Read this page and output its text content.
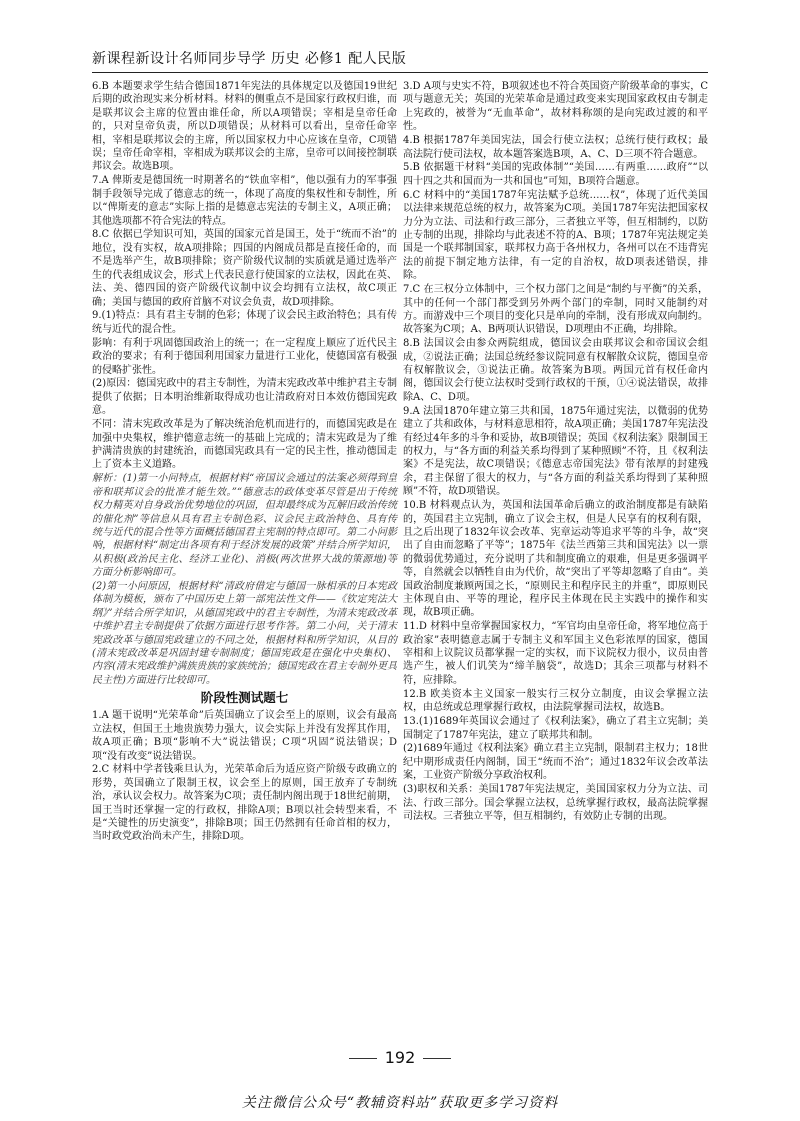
新课程新设计名师同步导学 历史 必修1 配人民版

6.B 本题要求学生结合德国1871年宪法的具体规定以及德国19世纪后期的政治现实来分析材料。材料的侧重点不是国家行政权归谁，而是联邦议会主席的位置由谁任命，所以A项错误；宰相是皇帝任命的，只对皇帝负责，所以D项错误；从材料可以看出，皇帝任命宰相，宰相是联邦议会的主席，所以国家权力中心应该在皇帝，C项错误；皇帝任命宰相，宰相成为联邦议会的主席，皇帝可以间接控制联邦议会。故选B项。

7.A 俾斯麦是德国统一时期著名的“铁血宰相”，他以强有力的军事强制手段领导完成了德意志的统一，体现了高度的集权性和专制性，所以“俾斯麦的意志”实际上指的是德意志宪法的专制主义，A项正确；其他选项都不符合宪法的特点。

8.C 依据已学知识可知，英国的国家元首是国王，处于“统而不治”的地位，没有实权，故A项排除；四国的内阁成员都是直接任命的，而不是选举产生，故B项排除；资产阶级代议制的实质就是通过选举产生的代表组成议会，形式上代表民意行使国家的立法权，因此在英、法、美、德四国的资产阶级代议制中议会均拥有立法权，故C项正确；美国与德国的政府首脑不对议会负责，故D项排除。

9.(1)特点：具有君主专制的色彩；体现了议会民主政治特色；具有传统与近代的混合性。

影响：有利于巩固德国政治上的统一；在一定程度上顺应了近代民主政治的要求；有利于德国利用国家力量进行工业化，使德国富有极强的侵略扩张性。

(2)原因：德国宪政中的君主专制性，为清末宪政改革中维护君主专制提供了依据；日本明治维新取得成功也让清政府对日本效仿德国宪政意。

不同：清末宪政改革是为了解决统治危机而进行的，而德国宪政是在加强中央集权，维护德意志统一的基础上完成的；清末宪政是为了维护满清贵族的封建统治，而德国宪政具有一定的民主性，推动德国走上了资本主义道路。

解析：(1)第一小问特点，根据材料“帝国议会通过的法案必须得到皇帝和联邦议会的批准才能生效。”“德意志的政体变革尽管是出于传统权力精英对自身政治优势地位的巩固，但却最终成为瓦解旧政治传统的催化剂”等信息从具有君主专制色彩、议会民主政治特色、具有传统与近代的混合性等方面概括德国君主宪制的特点即可。第二小问影响，根据材料“制定出各项有利于经济发展的政策”并结合所学知识，从积极(政治民主化、经济工业化)、消极(两次世界大战的策源地)等方面分析影响即可。

(2)第一小问原因，根据材料“清政府借定与德国一脉相承的日本宪政体制为模板，颁布了中国历史上第一部宪法性文件——《钦定宪法大纲》”并结合所学知识，从德国宪政中的君主专制性，为清末宪政改革中维护君主专制提供了依据方面进行思考作答。第二小问，关于清末宪政改革与德国宪政建立的不同之处，根据材料和所学知识，从目的(清末宪政改革是巩固封建专制制度；德国宪政是在强化中央集权)、内容(清末宪政维护满族贵族的家族统治；德国宪政在君主专制外更具民主性)方面进行比较即可。

阶段性测试题七

1.A 题干说明“光荣革命”后英国确立了议会至上的原则，议会有最高立法权，但国王土地贵族势力强大，议会实际上并没有发挥其作用，故A项正确；B项“影响不大”说法错误；C项“巩固”说法错误；D项“没有改变”说法错误。

2.C 材料中学者钱乘旦认为，光荣革命后为适应资产阶级专政确立的形势，英国确立了限制王权，议会至上的原则，国王放弃了专制统治，承认议会权力。故答案为C项；责任制内阁出现于18世纪前期，国王当时还掌握一定的行政权，排除A项；B项以社会转型来看，不是“关键性的历史演变”，排除B项；国王仍然拥有任命首相的权力，当时政党政治尚未产生，排除D项。

3.D A项与史实不符，B项叙述也不符合英国资产阶级革命的事实，C项与题意无关；英国的光荣革命是通过政变来实现国家政权由专制走上宪政的，被誉为“无血革命”，故材料称颂的是向宪政过渡的和平性。

4.B 根据1787年美国宪法，国会行使立法权；总统行使行政权；最高法院行使司法权，故本题答案选B项，A、C、D三项不符合题意。

5.B 依据题干材料“美国的宪政体制”“美国……有两重……政府”“以四十四之共和国而为一共和国也”可知，B项符合题意。

6.C 材料中的“美国1787年宪法赋予总统……权”，体现了近代美国以法律来规范总统的权力，故答案为C项。美国1787年宪法把国家权力分为立法、司法和行政三部分，三者独立平等，但互相制约，以防止专制的出现，排除均与此表述不符的A、B项；1787年宪法规定美国是一个联邦制国家，联邦权力高于各州权力，各州可以在不违背宪法的前提下制定地方法律，有一定的自治权，故D项表述错误，排除。

7.C 在三权分立体制中，三个权力部门之间是“制约与平衡”的关系，其中的任何一个部门都受到另外两个部门的牵制，同时又能制约对方。而游戏中三个项目的变化只是单向的牵制，没有形成双向制约。故答案为C项；A、B两项认识错误，D项理由不正确，均排除。

8.B 法国议会由参众两院组成，德国议会由联邦议会和帝国议会组成，②说法正确；法国总统经参议院同意有权解散众议院，德国皇帝有权解散议会，③说法正确。故答案为B项。两国元首有权任命内阁，德国议会行使立法权时受到行政权的干预，①④说法错误，故排除A、C、D项。

9.A 法国1870年建立第三共和国，1875年通过宪法，以微弱的优势建立了共和政体，与材料意思相符，故A项正确；美国1787年宪法没有经过4年多的斗争和妥协，故B项错误；英国《权利法案》限制国王的权力，与“各方面的利益关系均得到了某种照顾”不符，且《权利法案》不是宪法，故C项错误；《德意志帝国宪法》带有浓厚的封建残余，君主保留了很大的权力，与“各方面的利益关系均得到了某种照顾”不符，故D项错误。

10.B 材料观点认为，英国和法国革命后确立的政治制度都是有缺陷的，英国君主立宪制，确立了议会主权，但是人民享有的权利有限，且之后出现了1832年议会改革、宪章运动等追求平等的斗争，故“突出了自由而忽略了平等”；1875年《法兰西第三共和国宪法》以一票的微弱优势通过，充分说明了共和制度确立的艰难，但是更多强调平等，自然就会以牺牲自由为代价，故“突出了平等却忽略了自由”。美国政治制度兼顾两国之长，“原则民主和程序民主的并重”，即原则民主体现自由、平等的理论，程序民主体现在民主实践中的操作和实现，故B项正确。

11.D 材料中皇帝掌握国家权力，“军官均由皇帝任命，将军地位高于政治家”表明德意志属于专制主义和军国主义色彩浓厚的国家，德国宰相和上议院议员都掌握一定的实权，而下议院权力很小，议员由普选产生，被人们讥笑为“缔羊脑袋”，故选D；其余三项都与材料不符，应排除。

12.B 欧美资本主义国家一般实行三权分立制度，由议会掌握立法权，由总统或总理掌握行政权，由法院掌握司法权，故选B。

13.(1)1689年英国议会通过了《权利法案》，确立了君主立宪制；美国制定了1787年宪法，建立了联邦共和制。

(2)1689年通过《权利法案》确立君主立宪制，限制君主权力；18世纪中期形成责任内阁制，国王“统而不治”；通过1832年议会改革法案，工业资产阶级分享政治权利。

(3)职权和关系：美国1787年宪法规定，美国国家权力分为立法、司法、行政三部分。国会掌握立法权，总统掌握行政权，最高法院掌握司法权。三者独立平等，但互相制约，有效防止专制的出现。

192
关注微信公众号“教辅资料站”获取更多学习资料
